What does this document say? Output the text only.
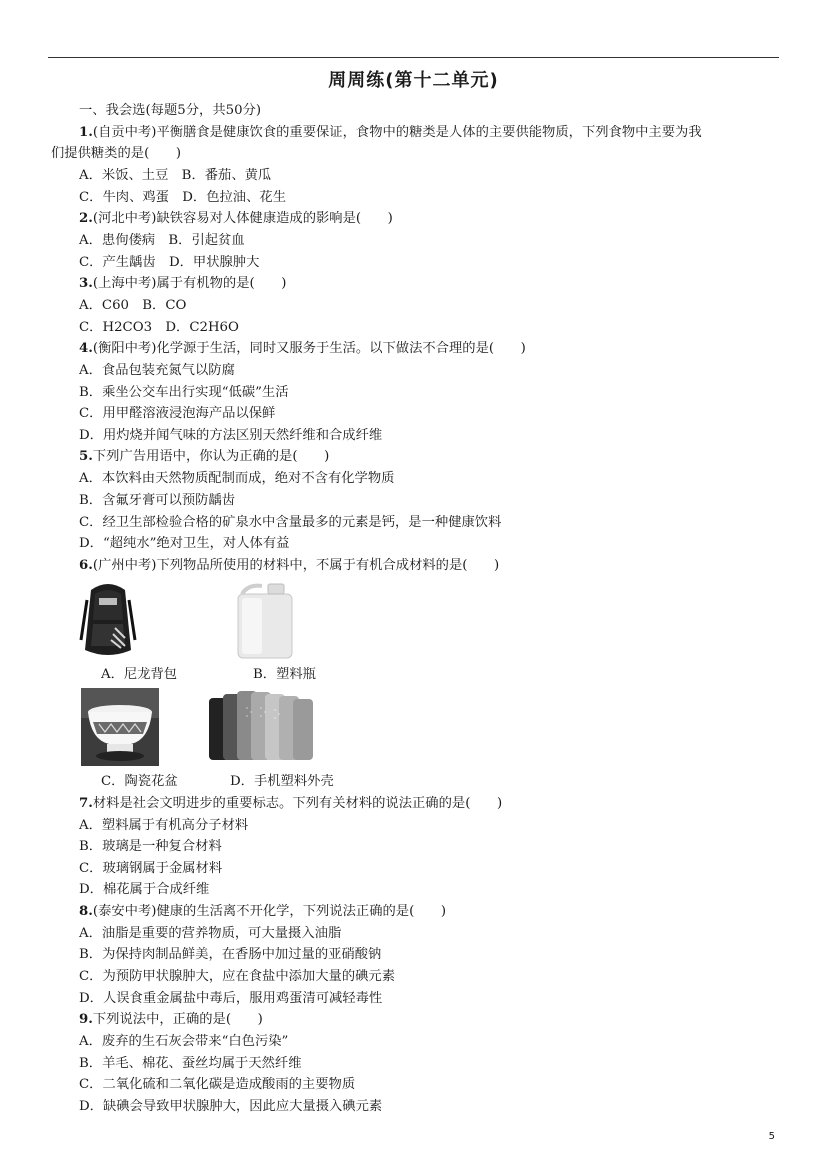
周周练(第十二单元)
一、我会选(每题5分，共50分)
1.(自贡中考)平衡膳食是健康饮食的重要保证，食物中的糖类是人体的主要供能物质，下列食物中主要为我
们提供糖类的是(　　)
A．米饭、土豆　B．番茄、黄瓜
C．牛肉、鸡蛋　D．色拉油、花生
2.(河北中考)缺铁容易对人体健康造成的影响是(　　)
A．患佝偻病　B．引起贫血
C．产生龋齿　D．甲状腺肿大
3.(上海中考)属于有机物的是(　　)
A．C60　B．CO
C．H2CO3　D．C2H6O
4.(衡阳中考)化学源于生活，同时又服务于生活。以下做法不合理的是(　　)
A．食品包装充氮气以防腐
B．乘坐公交车出行实现“低碳”生活
C．用甲醛溶液浸泡海产品以保鲜
D．用灼烧并闻气味的方法区别天然纤维和合成纤维
5.下列广告用语中，你认为正确的是(　　)
A．本饮料由天然物质配制而成，绝对不含有化学物质
B．含氟牙膏可以预防龋齿
C．经卫生部检验合格的矿泉水中含量最多的元素是钙，是一种健康饮料
D．“超纯水”绝对卫生，对人体有益
6.(广州中考)下列物品所使用的材料中，不属于有机合成材料的是(　　)
A．尼龙背包	B．塑料瓶
C．陶瓷花盆	D．手机塑料外壳
7.材料是社会文明进步的重要标志。下列有关材料的说法正确的是(　　)
A．塑料属于有机高分子材料
B．玻璃是一种复合材料
C．玻璃钢属于金属材料
D．棉花属于合成纤维
8.(泰安中考)健康的生活离不开化学，下列说法正确的是(　　)
A．油脂是重要的营养物质，可大量摄入油脂
B．为保持肉制品鲜美，在香肠中加过量的亚硝酸钠
C．为预防甲状腺肿大，应在食盐中添加大量的碘元素
D．人误食重金属盐中毒后，服用鸡蛋清可减轻毒性
9.下列说法中，正确的是(　　)
A．废弃的生石灰会带来“白色污染”
B．羊毛、棉花、蚕丝均属于天然纤维
C．二氧化硫和二氧化碳是造成酸雨的主要物质
D．缺碘会导致甲状腺肿大，因此应大量摄入碘元素
5
